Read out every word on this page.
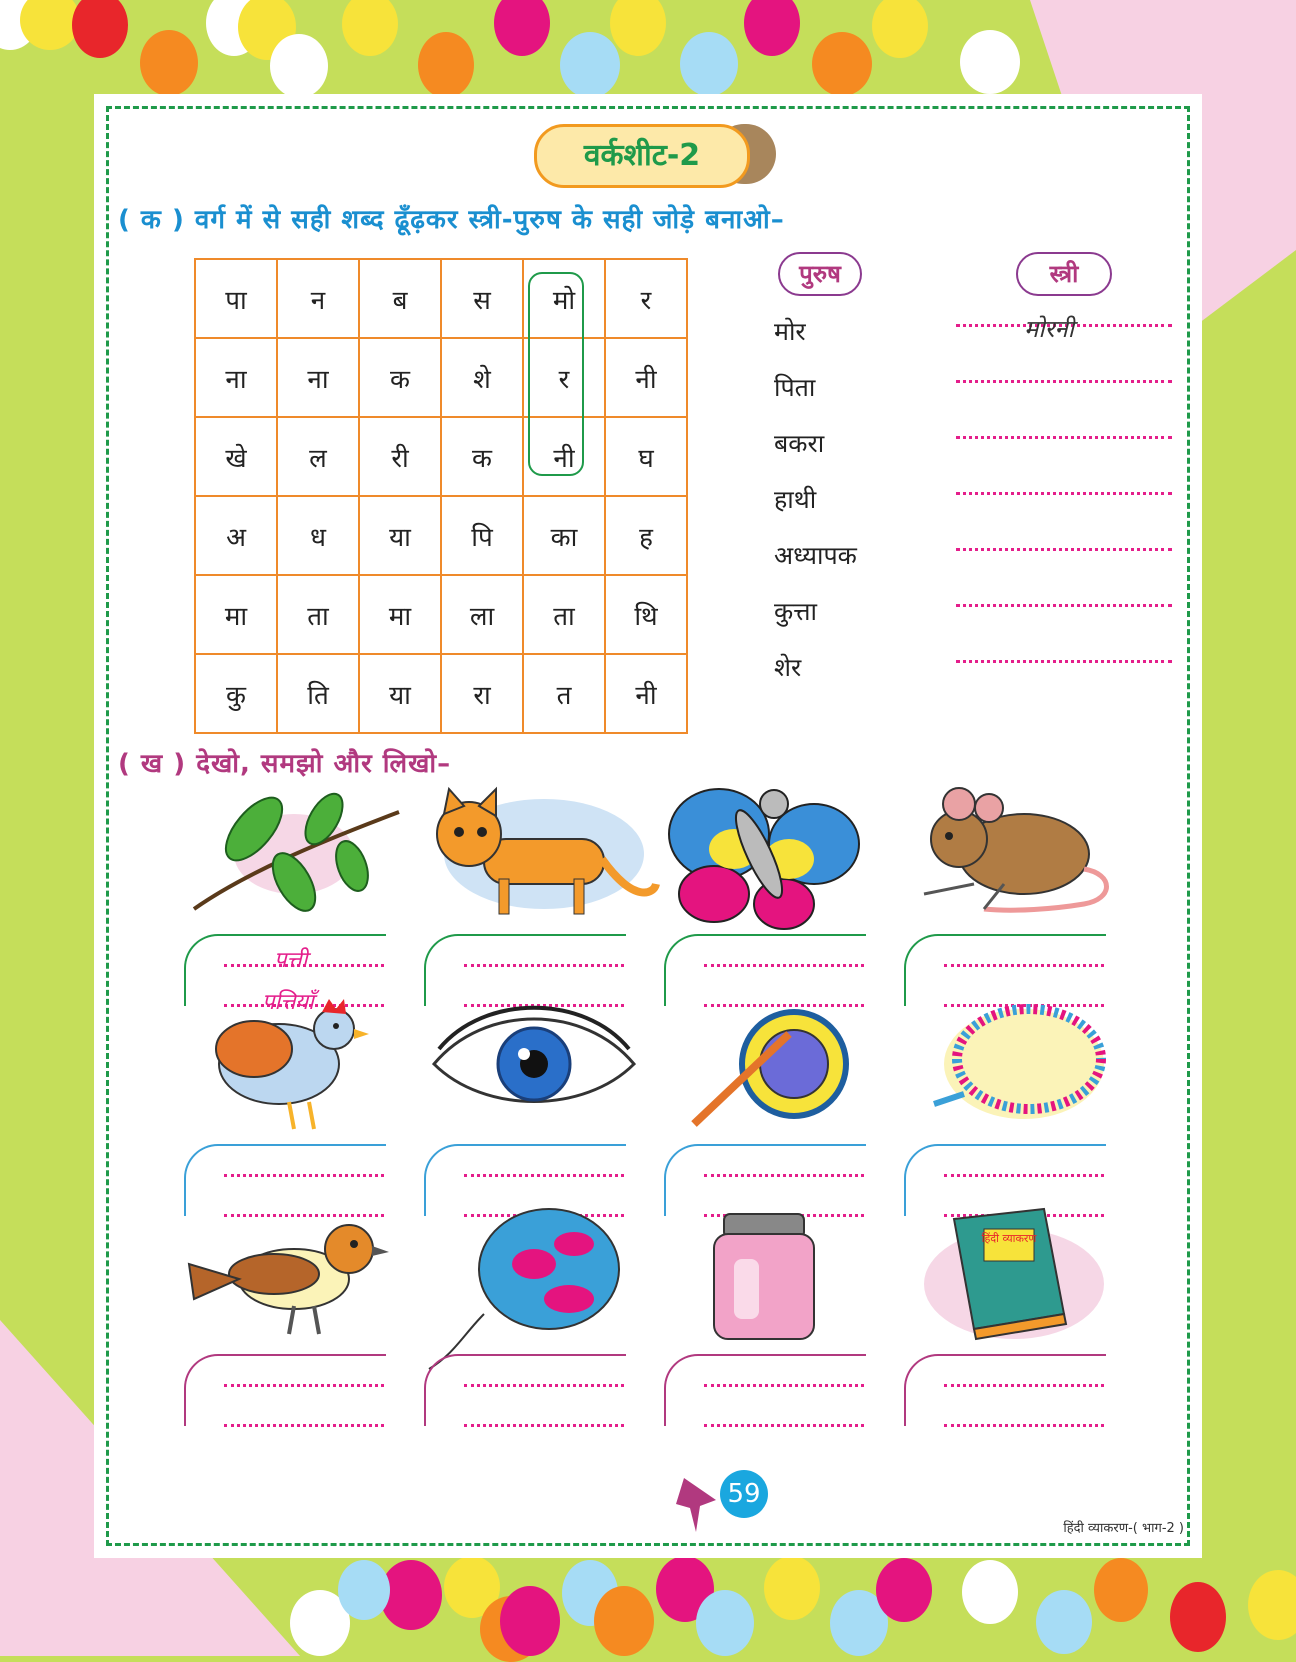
वर्कशीट-2
( क ) वर्ग में से सही शब्द ढूँढ़कर स्त्री-पुरुष के सही जोड़े बनाओ–
पा	न	ब	स	मो	र
ना	ना	क	शे	र	नी
खे	ल	री	क	नी	घ
अ	ध	या	पि	का	ह
मा	ता	मा	ला	ता	थि
कु	ति	या	रा	त	नी
पुरुष	स्त्री
मोर	मोरनी
पिता
बकरा
हाथी
अध्यापक
कुत्ता
शेर
( ख ) देखो, समझो और लिखो–
पत्ती
पत्तियाँ
हिंदी व्याकरण
59
हिंदी व्याकरण-( भाग-2 )
